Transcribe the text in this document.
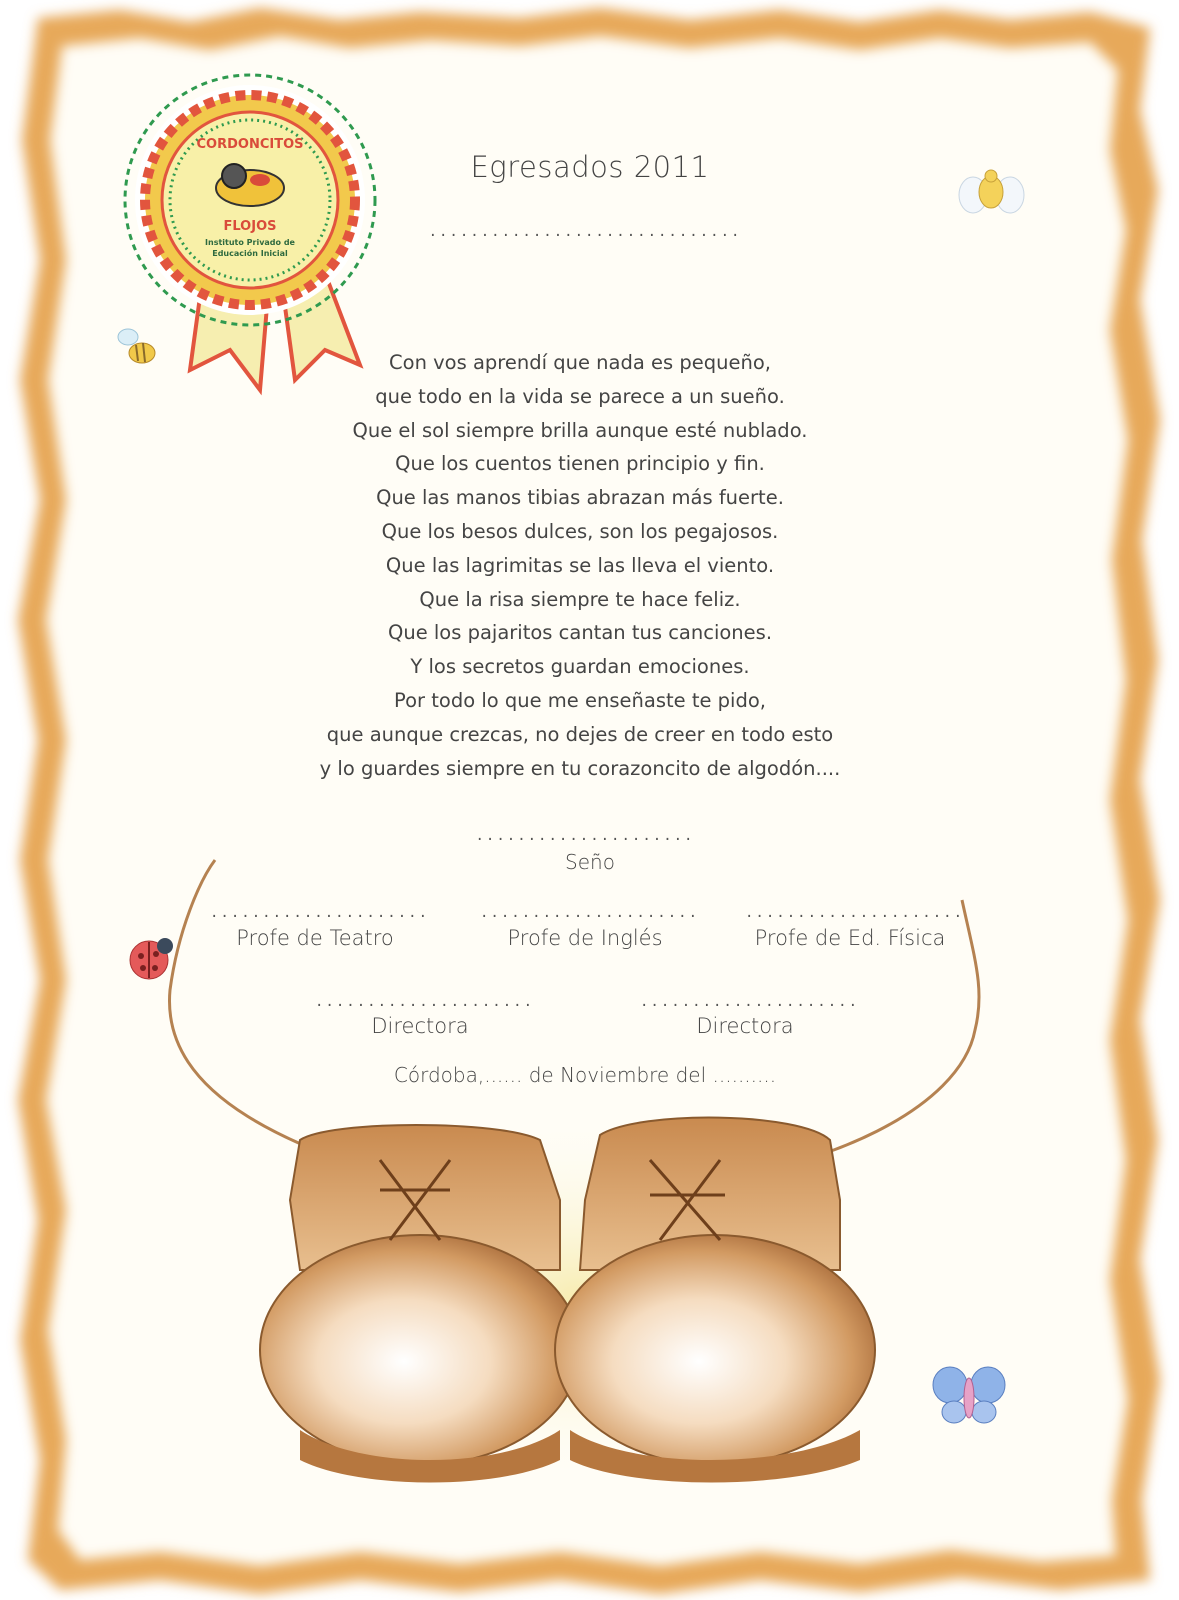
CORDONCITOS
FLOJOS
Instituto Privado de
Educación Inicial
Egresados 2011
..............................
Con vos aprendí que nada es pequeño,
que todo en la vida se parece a un sueño.
Que el sol siempre brilla aunque esté nublado.
Que los cuentos tienen principio y fin.
Que las manos tibias abrazan más fuerte.
Que los besos dulces, son los pegajosos.
Que las lagrimitas se las lleva el viento.
Que la risa siempre te hace feliz.
Que los pajaritos cantan tus canciones.
Y los secretos guardan emociones.
Por todo lo que me enseñaste te pido,
que aunque crezcas, no dejes de creer en todo esto
y lo guardes siempre en tu corazoncito de algodón....
.....................
Seño
.....................	.....................	.....................
Profe de Teatro	Profe de Inglés	Profe de Ed. Física
.....................	.....................
Directora	Directora
Córdoba,...... de Noviembre del ..........
